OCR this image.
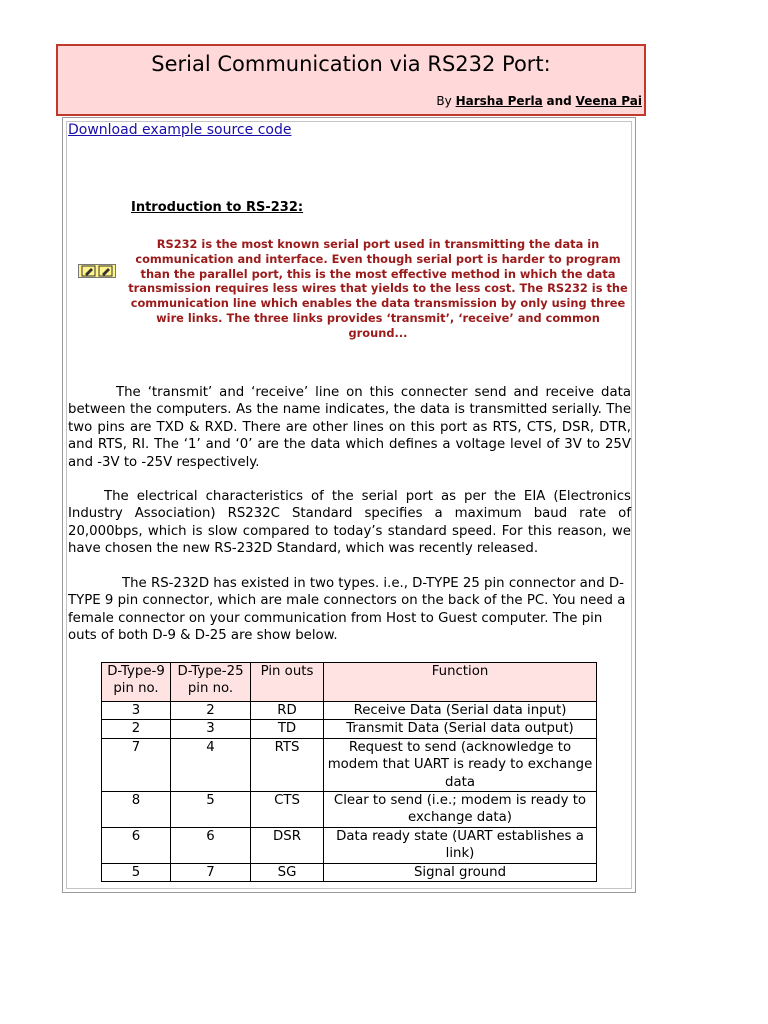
Serial Communication via RS232 Port:
By Harsha Perla and Veena Pai
Download example source code
Introduction to RS-232:
RS232 is the most known serial port used in transmitting the data in communication and interface. Even though serial port is harder to program than the parallel port, this is the most effective method in which the data transmission requires less wires that yields to the less cost. The RS232 is the communication line which enables the data transmission by only using three wire links. The three links provides ‘transmit’, ‘receive’ and common ground...

The ‘transmit’ and ‘receive’ line on this connecter send and receive data between the computers. As the name indicates, the data is transmitted serially. The two pins are TXD & RXD. There are other lines on this port as RTS, CTS, DSR, DTR, and RTS, RI. The ‘1’ and ‘0’ are the data which defines a voltage level of 3V to 25V and -3V to -25V respectively.

The electrical characteristics of the serial port as per the EIA (Electronics Industry Association) RS232C Standard specifies a maximum baud rate of 20,000bps, which is slow compared to today’s standard speed. For this reason, we have chosen the new RS-232D Standard, which was recently released.

The RS-232D has existed in two types. i.e., D-TYPE 25 pin connector and D-TYPE 9 pin connector, which are male connectors on the back of the PC. You need a female connector on your communication from Host to Guest computer. The pin outs of both D-9 & D-25 are show below.

D-Type-9 pin no.	D-Type-25 pin no.	Pin outs	Function
3	2	RD	Receive Data (Serial data input)
2	3	TD	Transmit Data (Serial data output)
7	4	RTS	Request to send (acknowledge to modem that UART is ready to exchange data
8	5	CTS	Clear to send (i.e.; modem is ready to exchange data)
6	6	DSR	Data ready state (UART establishes a link)
5	7	SG	Signal ground
